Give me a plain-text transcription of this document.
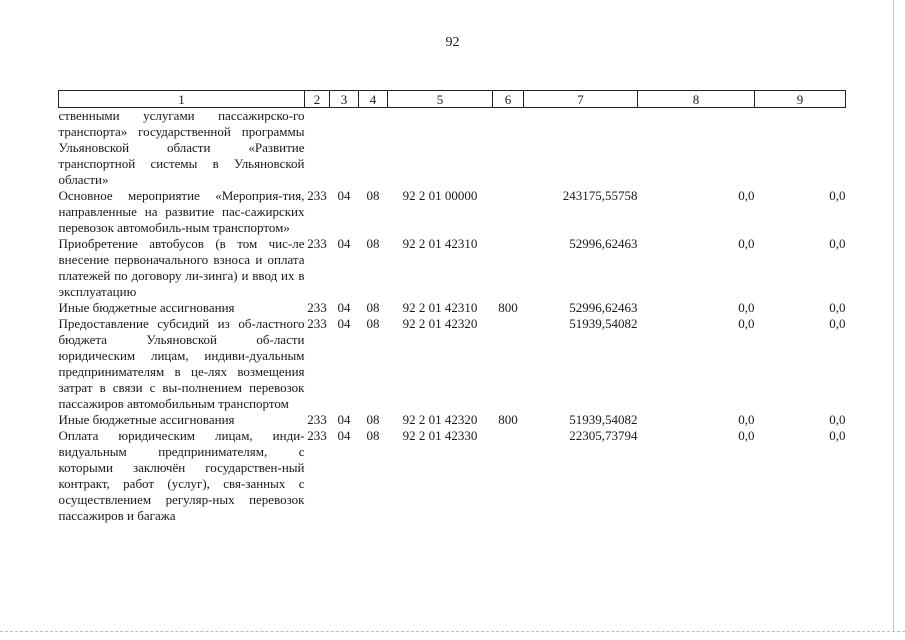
92
1	2	3	4	5	6	7	8	9
ственными услугами пассажирско-го транспорта» государственной программы Ульяновской области «Развитие транспортной системы в Ульяновской области»								
Основное мероприятие «Мероприя-тия, направленные на развитие пас-сажирских перевозок автомобиль-ным транспортом»	233	04	08	92 2 01 00000		243175,55758	0,0	0,0
Приобретение автобусов (в том чис-ле внесение первоначального взноса и оплата платежей по договору ли-зинга) и ввод их в эксплуатацию	233	04	08	92 2 01 42310		52996,62463	0,0	0,0
Иные бюджетные ассигнования	233	04	08	92 2 01 42310	800	52996,62463	0,0	0,0
Предоставление субсидий из об-ластного бюджета Ульяновской об-ласти юридическим лицам, индиви-дуальным предпринимателям в це-лях возмещения затрат в связи с вы-полнением перевозок пассажиров автомобильным транспортом	233	04	08	92 2 01 42320		51939,54082	0,0	0,0
Иные бюджетные ассигнования	233	04	08	92 2 01 42320	800	51939,54082	0,0	0,0
Оплата юридическим лицам, инди-видуальным предпринимателям, с которыми заключён государствен-ный контракт, работ (услуг), свя-занных с осуществлением регуляр-ных перевозок пассажиров и багажа	233	04	08	92 2 01 42330		22305,73794	0,0	0,0
